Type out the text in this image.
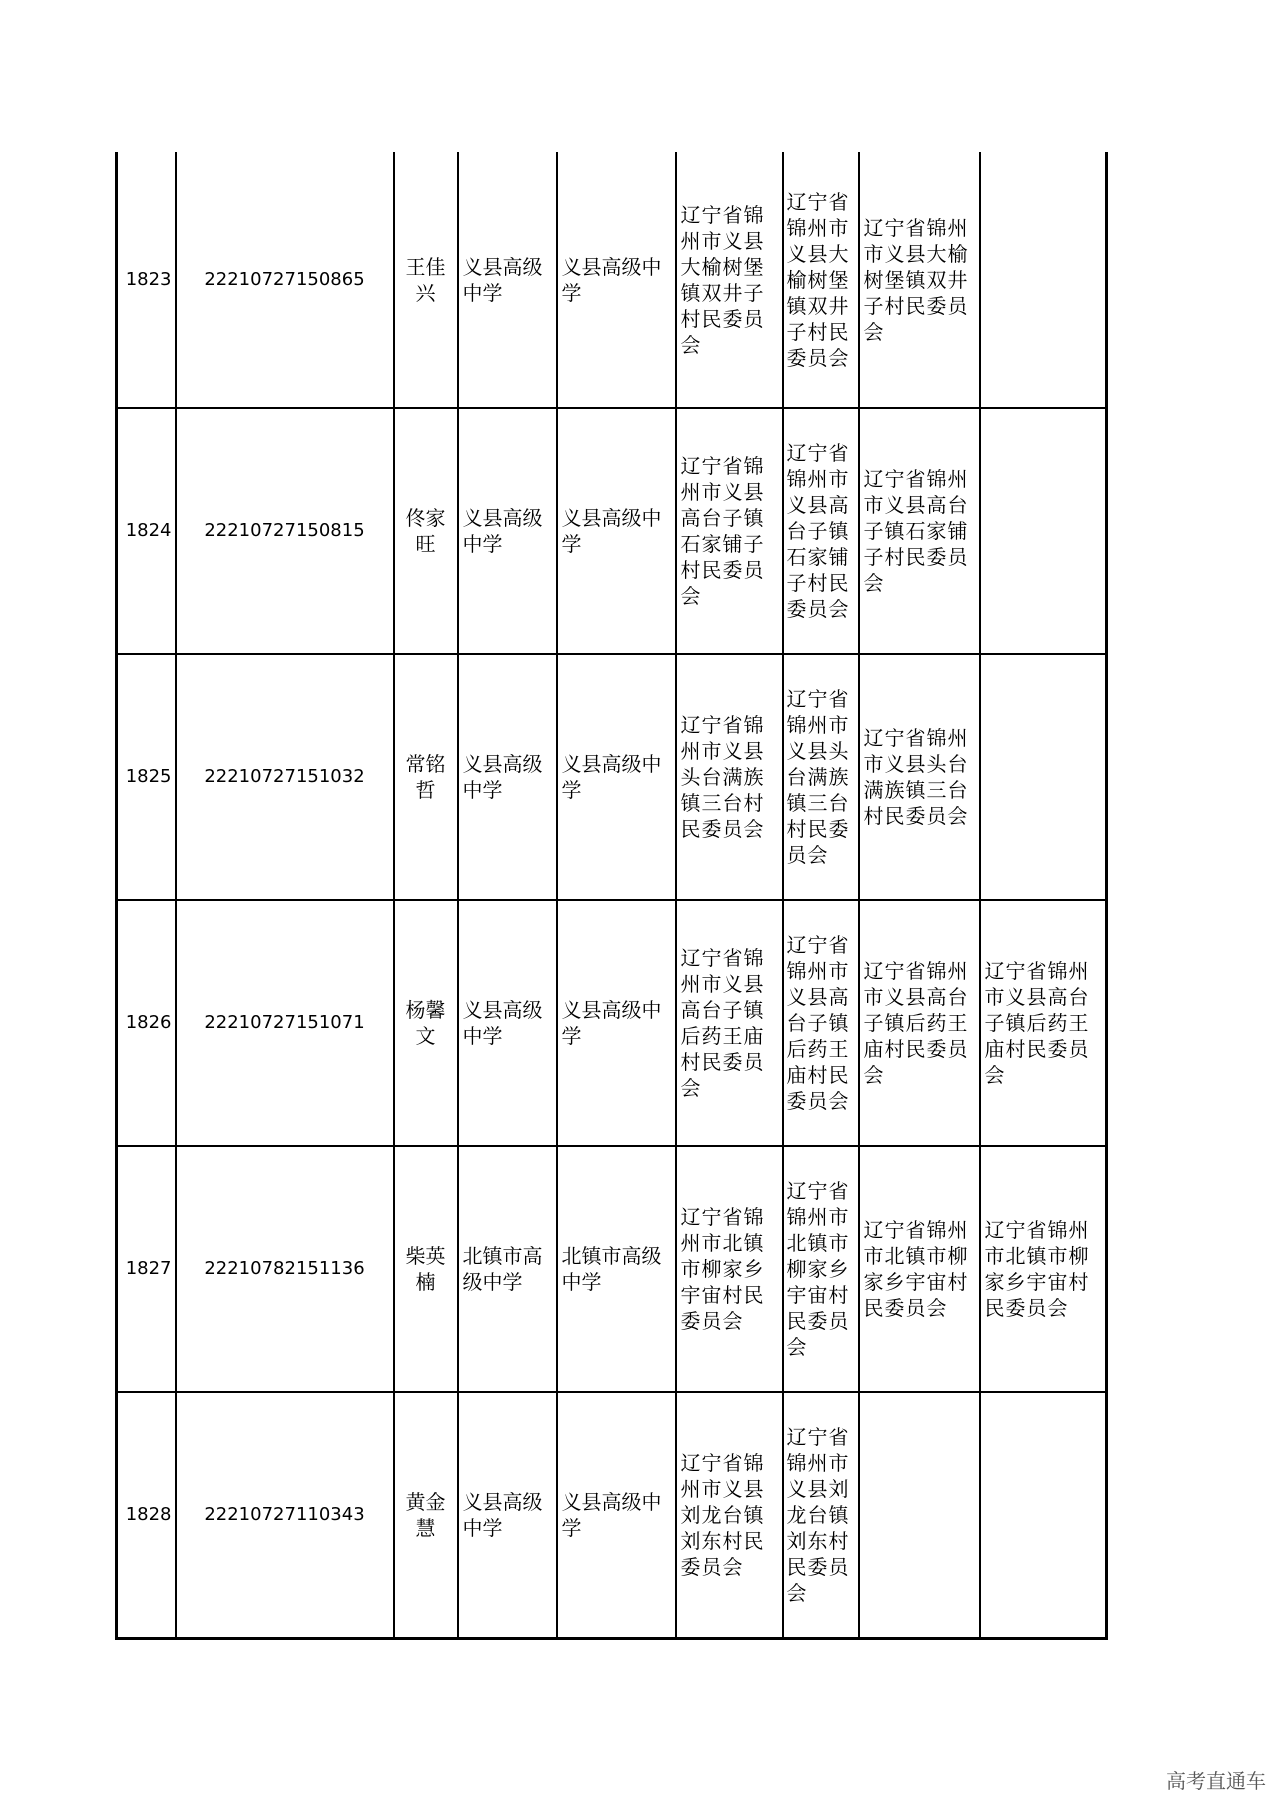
1823	22210727150865	王佳兴	义县高级中学	义县高级中学	辽宁省锦州市义县大榆树堡镇双井子村民委员会	辽宁省锦州市义县大榆树堡镇双井子村民委员会	辽宁省锦州市义县大榆树堡镇双井子村民委员会	
1824	22210727150815	佟家旺	义县高级中学	义县高级中学	辽宁省锦州市义县高台子镇石家铺子村民委员会	辽宁省锦州市义县高台子镇石家铺子村民委员会	辽宁省锦州市义县高台子镇石家铺子村民委员会	
1825	22210727151032	常铭哲	义县高级中学	义县高级中学	辽宁省锦州市义县头台满族镇三台村民委员会	辽宁省锦州市义县头台满族镇三台村民委员会	辽宁省锦州市义县头台满族镇三台村民委员会	
1826	22210727151071	杨馨文	义县高级中学	义县高级中学	辽宁省锦州市义县高台子镇后药王庙村民委员会	辽宁省锦州市义县高台子镇后药王庙村民委员会	辽宁省锦州市义县高台子镇后药王庙村民委员会	辽宁省锦州市义县高台子镇后药王庙村民委员会
1827	22210782151136	柴英楠	北镇市高级中学	北镇市高级中学	辽宁省锦州市北镇市柳家乡宇宙村民委员会	辽宁省锦州市北镇市柳家乡宇宙村民委员会	辽宁省锦州市北镇市柳家乡宇宙村民委员会	辽宁省锦州市北镇市柳家乡宇宙村民委员会
1828	22210727110343	黄金慧	义县高级中学	义县高级中学	辽宁省锦州市义县刘龙台镇刘东村民委员会	辽宁省锦州市义县刘龙台镇刘东村民委员会		
高考直通车
